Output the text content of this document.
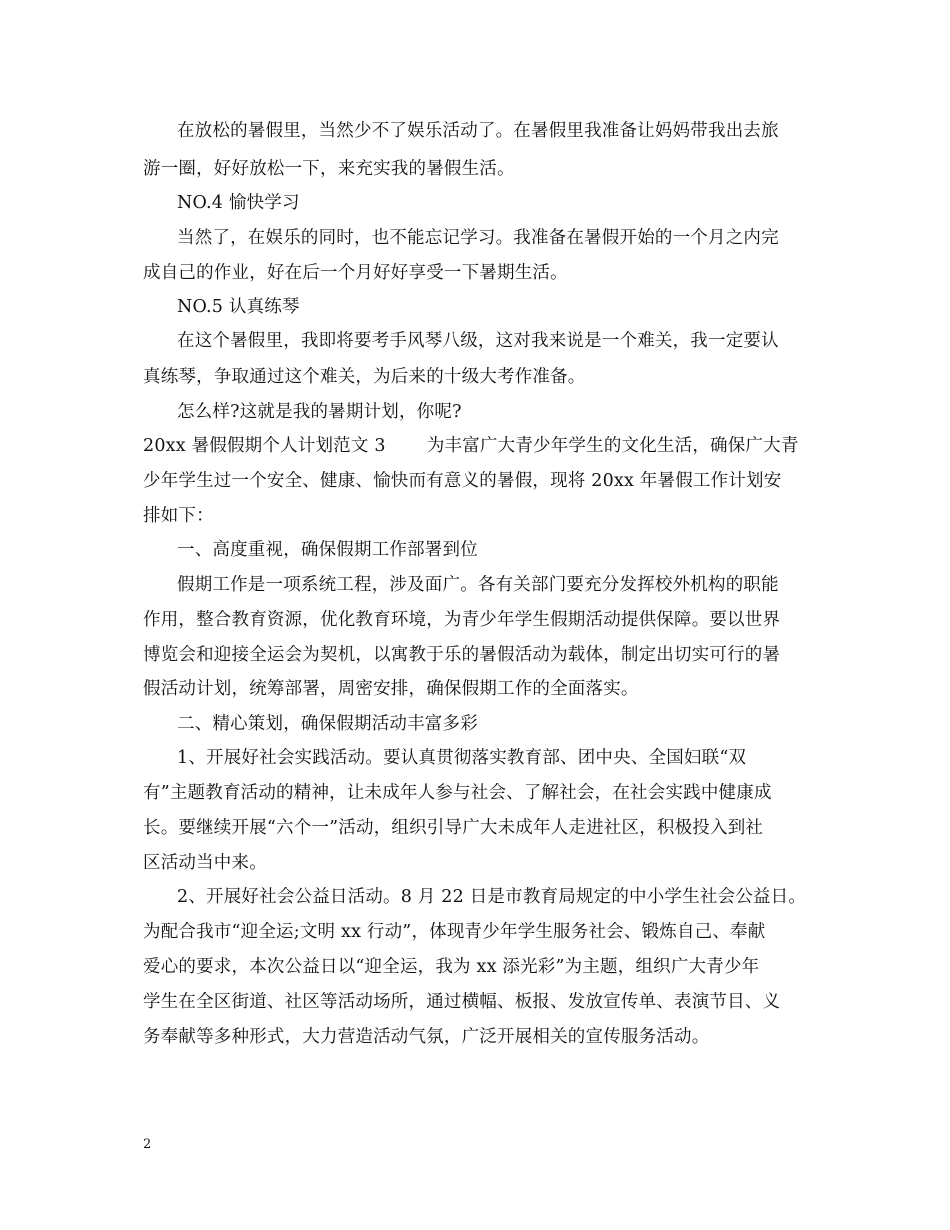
在放松的暑假里，当然少不了娱乐活动了。在暑假里我准备让妈妈带我出去旅
游一圈，好好放松一下，来充实我的暑假生活。
NO.4 愉快学习
当然了，在娱乐的同时，也不能忘记学习。我准备在暑假开始的一个月之内完
成自己的作业，好在后一个月好好享受一下暑期生活。
NO.5 认真练琴
在这个暑假里，我即将要考手风琴八级，这对我来说是一个难关，我一定要认
真练琴，争取通过这个难关，为后来的十级大考作准备。
怎么样?这就是我的暑期计划，你呢?
20xx 暑假假期个人计划范文 3　　 为丰富广大青少年学生的文化生活，确保广大青
少年学生过一个安全、健康、愉快而有意义的暑假，现将 20xx 年暑假工作计划安
排如下：
一、高度重视，确保假期工作部署到位
假期工作是一项系统工程，涉及面广。各有关部门要充分发挥校外机构的职能
作用，整合教育资源，优化教育环境，为青少年学生假期活动提供保障。要以世界
博览会和迎接全运会为契机，以寓教于乐的暑假活动为载体，制定出切实可行的暑
假活动计划，统筹部署，周密安排，确保假期工作的全面落实。
二、精心策划，确保假期活动丰富多彩
1、开展好社会实践活动。要认真贯彻落实教育部、团中央、全国妇联“双
有”主题教育活动的精神，让未成年人参与社会、了解社会，在社会实践中健康成
长。要继续开展“六个一”活动，组织引导广大未成年人走进社区，积极投入到社
区活动当中来。
2、开展好社会公益日活动。8 月 22 日是市教育局规定的中小学生社会公益日。
为配合我市“迎全运;文明 xx 行动”，体现青少年学生服务社会、锻炼自己、奉献
爱心的要求，本次公益日以“迎全运，我为 xx 添光彩”为主题，组织广大青少年
学生在全区街道、社区等活动场所，通过横幅、板报、发放宣传单、表演节目、义
务奉献等多种形式，大力营造活动气氛，广泛开展相关的宣传服务活动。
2
